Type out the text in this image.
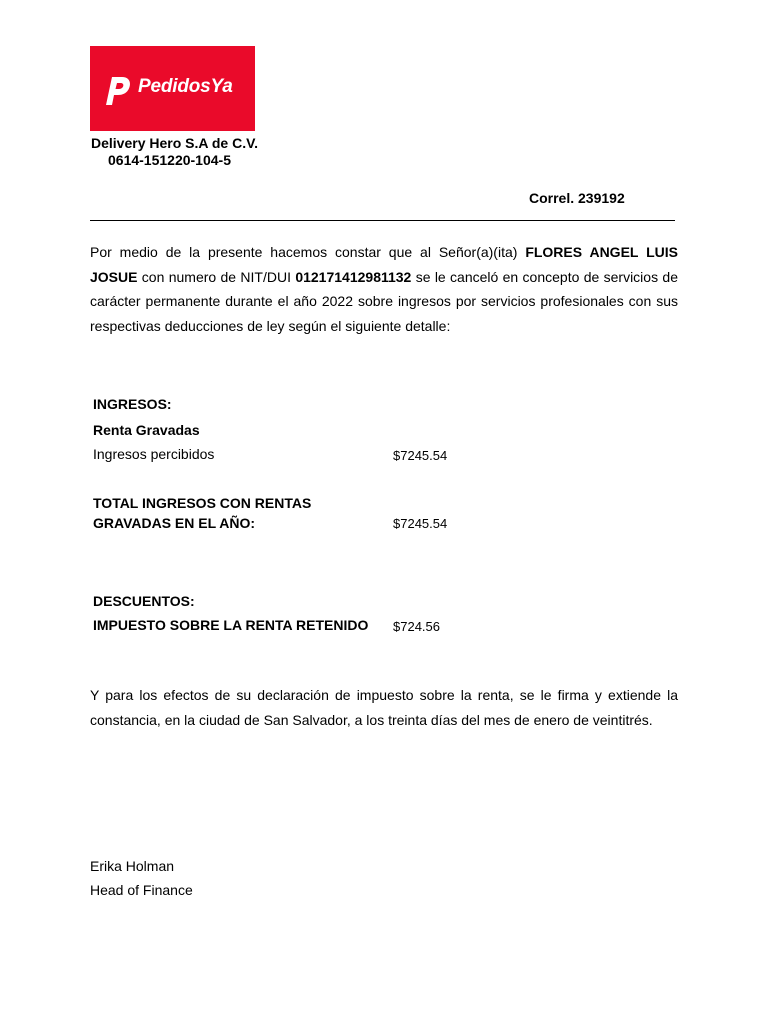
PedidosYa
Delivery Hero S.A de C.V.
0614-151220-104-5
Correl. 239192
Por medio de la presente hacemos constar que al Señor(a)(ita) FLORES ANGEL LUIS JOSUE con numero de NIT/DUI 012171412981132 se le canceló en concepto de servicios de carácter permanente durante el año 2022 sobre ingresos por servicios profesionales con sus respectivas deducciones de ley según el siguiente detalle:
INGRESOS:
Renta Gravadas
Ingresos percibidos	$7245.54
TOTAL INGRESOS CON RENTAS GRAVADAS EN EL AÑO:	$7245.54
DESCUENTOS:
IMPUESTO SOBRE LA RENTA RETENIDO $724.56
Y para los efectos de su declaración de impuesto sobre la renta, se le firma y extiende la constancia, en la ciudad de San Salvador, a los treinta días del mes de enero de veintitrés.
Erika Holman
Head of Finance
